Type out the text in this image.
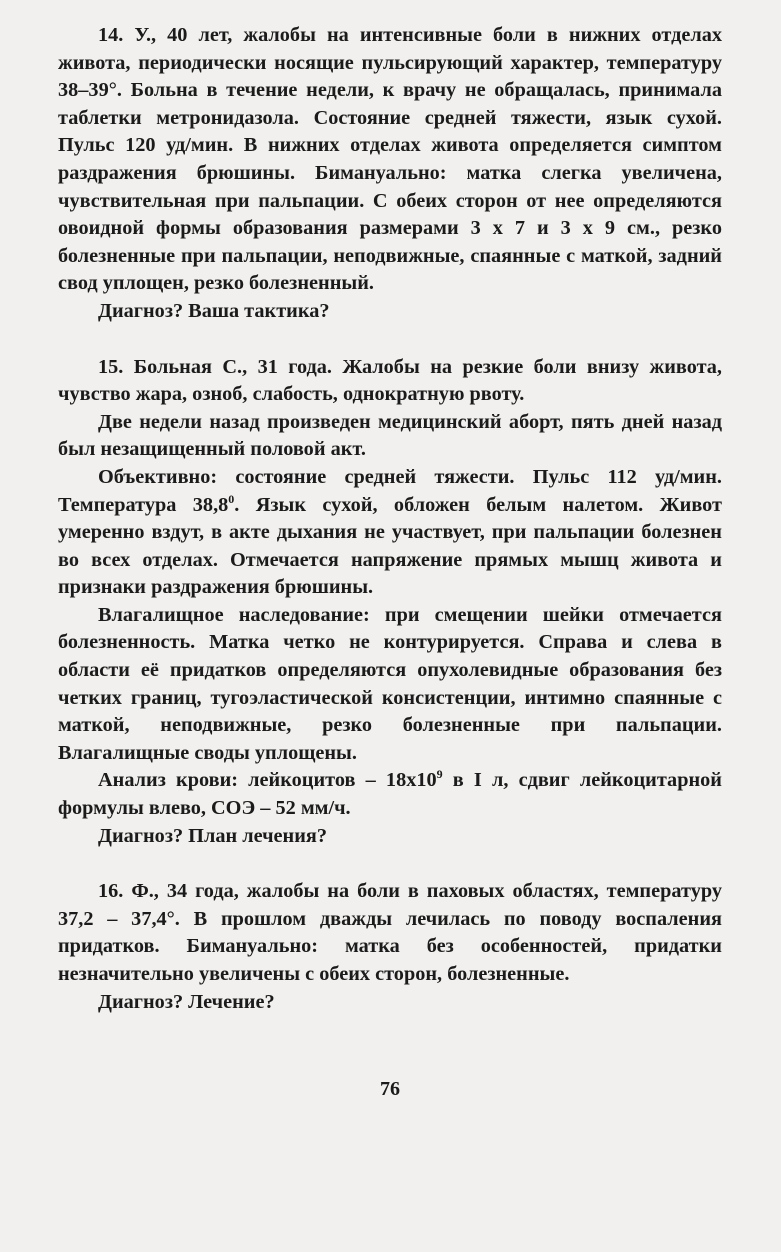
14. У., 40 лет, жалобы на интенсивные боли в нижних отделах живота, периодически носящие пульсирующий характер, температуру 38–39°. Больна в течение недели, к врачу не обращалась, принимала таблетки метронидазола. Состояние средней тяжести, язык сухой. Пульс 120 уд/мин. В нижних отделах живота определяется симптом раздражения брюшины. Бимануально: матка слегка увеличена, чувствительная при пальпации. С обеих сторон от нее определяются овоидной формы образования размерами 3 x 7 и 3 x 9 см., резко болезненные при пальпации, неподвижные, спаянные с маткой, задний свод уплощен, резко болезненный.

Диагноз? Ваша тактика?

15. Больная С., 31 года. Жалобы на резкие боли внизу живота, чувство жара, озноб, слабость, однократную рвоту.

Две недели назад произведен медицинский аборт, пять дней назад был незащищенный половой акт.

Объективно: состояние средней тяжести. Пульс 112 уд/мин. Температура 38,8$^0$. Язык сухой, обложен белым налетом. Живот умеренно вздут, в акте дыхания не участвует, при пальпации болезнен во всех отделах. Отмечается напряжение прямых мышц живота и признаки раздражения брюшины.

Влагалищное наследование: при смещении шейки отмечается болезненность. Матка четко не контурируется. Справа и слева в области её придатков определяются опухолевидные образования без четких границ, тугоэластической консистенции, интимно спаянные с маткой, неподвижные, резко болезненные при пальпации. Влагалищные своды уплощены.

Анализ крови: лейкоцитов – $18x10^9$ в I л, сдвиг лейкоцитарной формулы влево, СОЭ – 52 мм/ч.

Диагноз? План лечения?

16. Ф., 34 года, жалобы на боли в паховых областях, температуру 37,2 – 37,4°. В прошлом дважды лечилась по поводу воспаления придатков. Бимануально: матка без особенностей, придатки незначительно увеличены с обеих сторон, болезненные.

Диагноз? Лечение?

76
